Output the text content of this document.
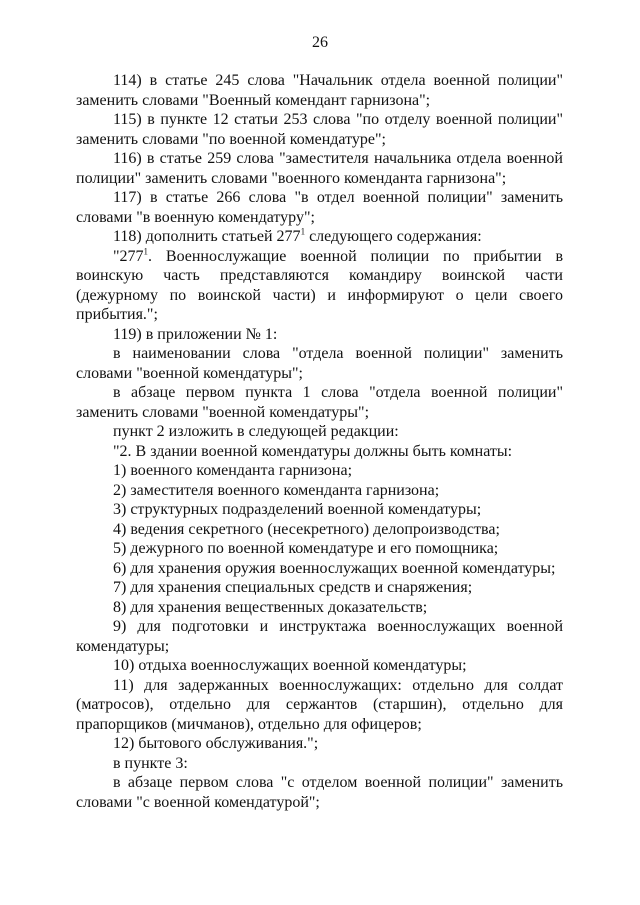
26

114) в статье 245 слова "Начальник отдела военной полиции" заменить словами "Военный комендант гарнизона";

115) в пункте 12 статьи 253 слова "по отделу военной полиции" заменить словами "по военной комендатуре";

116) в статье 259 слова "заместителя начальника отдела военной полиции" заменить словами "военного коменданта гарнизона";

117) в статье 266 слова "в отдел военной полиции" заменить словами "в военную комендатуру";

118) дополнить статьей $277^1$ следующего содержания:

"$277^1$. Военнослужащие военной полиции по прибытии в воинскую часть представляются командиру воинской части (дежурному по воинской части) и информируют о цели своего прибытия.";

119) в приложении № 1:

в наименовании слова "отдела военной полиции" заменить словами "военной комендатуры";

в абзаце первом пункта 1 слова "отдела военной полиции" заменить словами "военной комендатуры";

пункт 2 изложить в следующей редакции:

"2. В здании военной комендатуры должны быть комнаты:

1) военного коменданта гарнизона;

2) заместителя военного коменданта гарнизона;

3) структурных подразделений военной комендатуры;

4) ведения секретного (несекретного) делопроизводства;

5) дежурного по военной комендатуре и его помощника;

6) для хранения оружия военнослужащих военной комендатуры;

7) для хранения специальных средств и снаряжения;

8) для хранения вещественных доказательств;

9) для подготовки и инструктажа военнослужащих военной комендатуры;

10) отдыха военнослужащих военной комендатуры;

11) для задержанных военнослужащих: отдельно для солдат (матросов), отдельно для сержантов (старшин), отдельно для прапорщиков (мичманов), отдельно для офицеров;

12) бытового обслуживания.";

в пункте 3:

в абзаце первом слова "с отделом военной полиции" заменить словами "с военной комендатурой";
